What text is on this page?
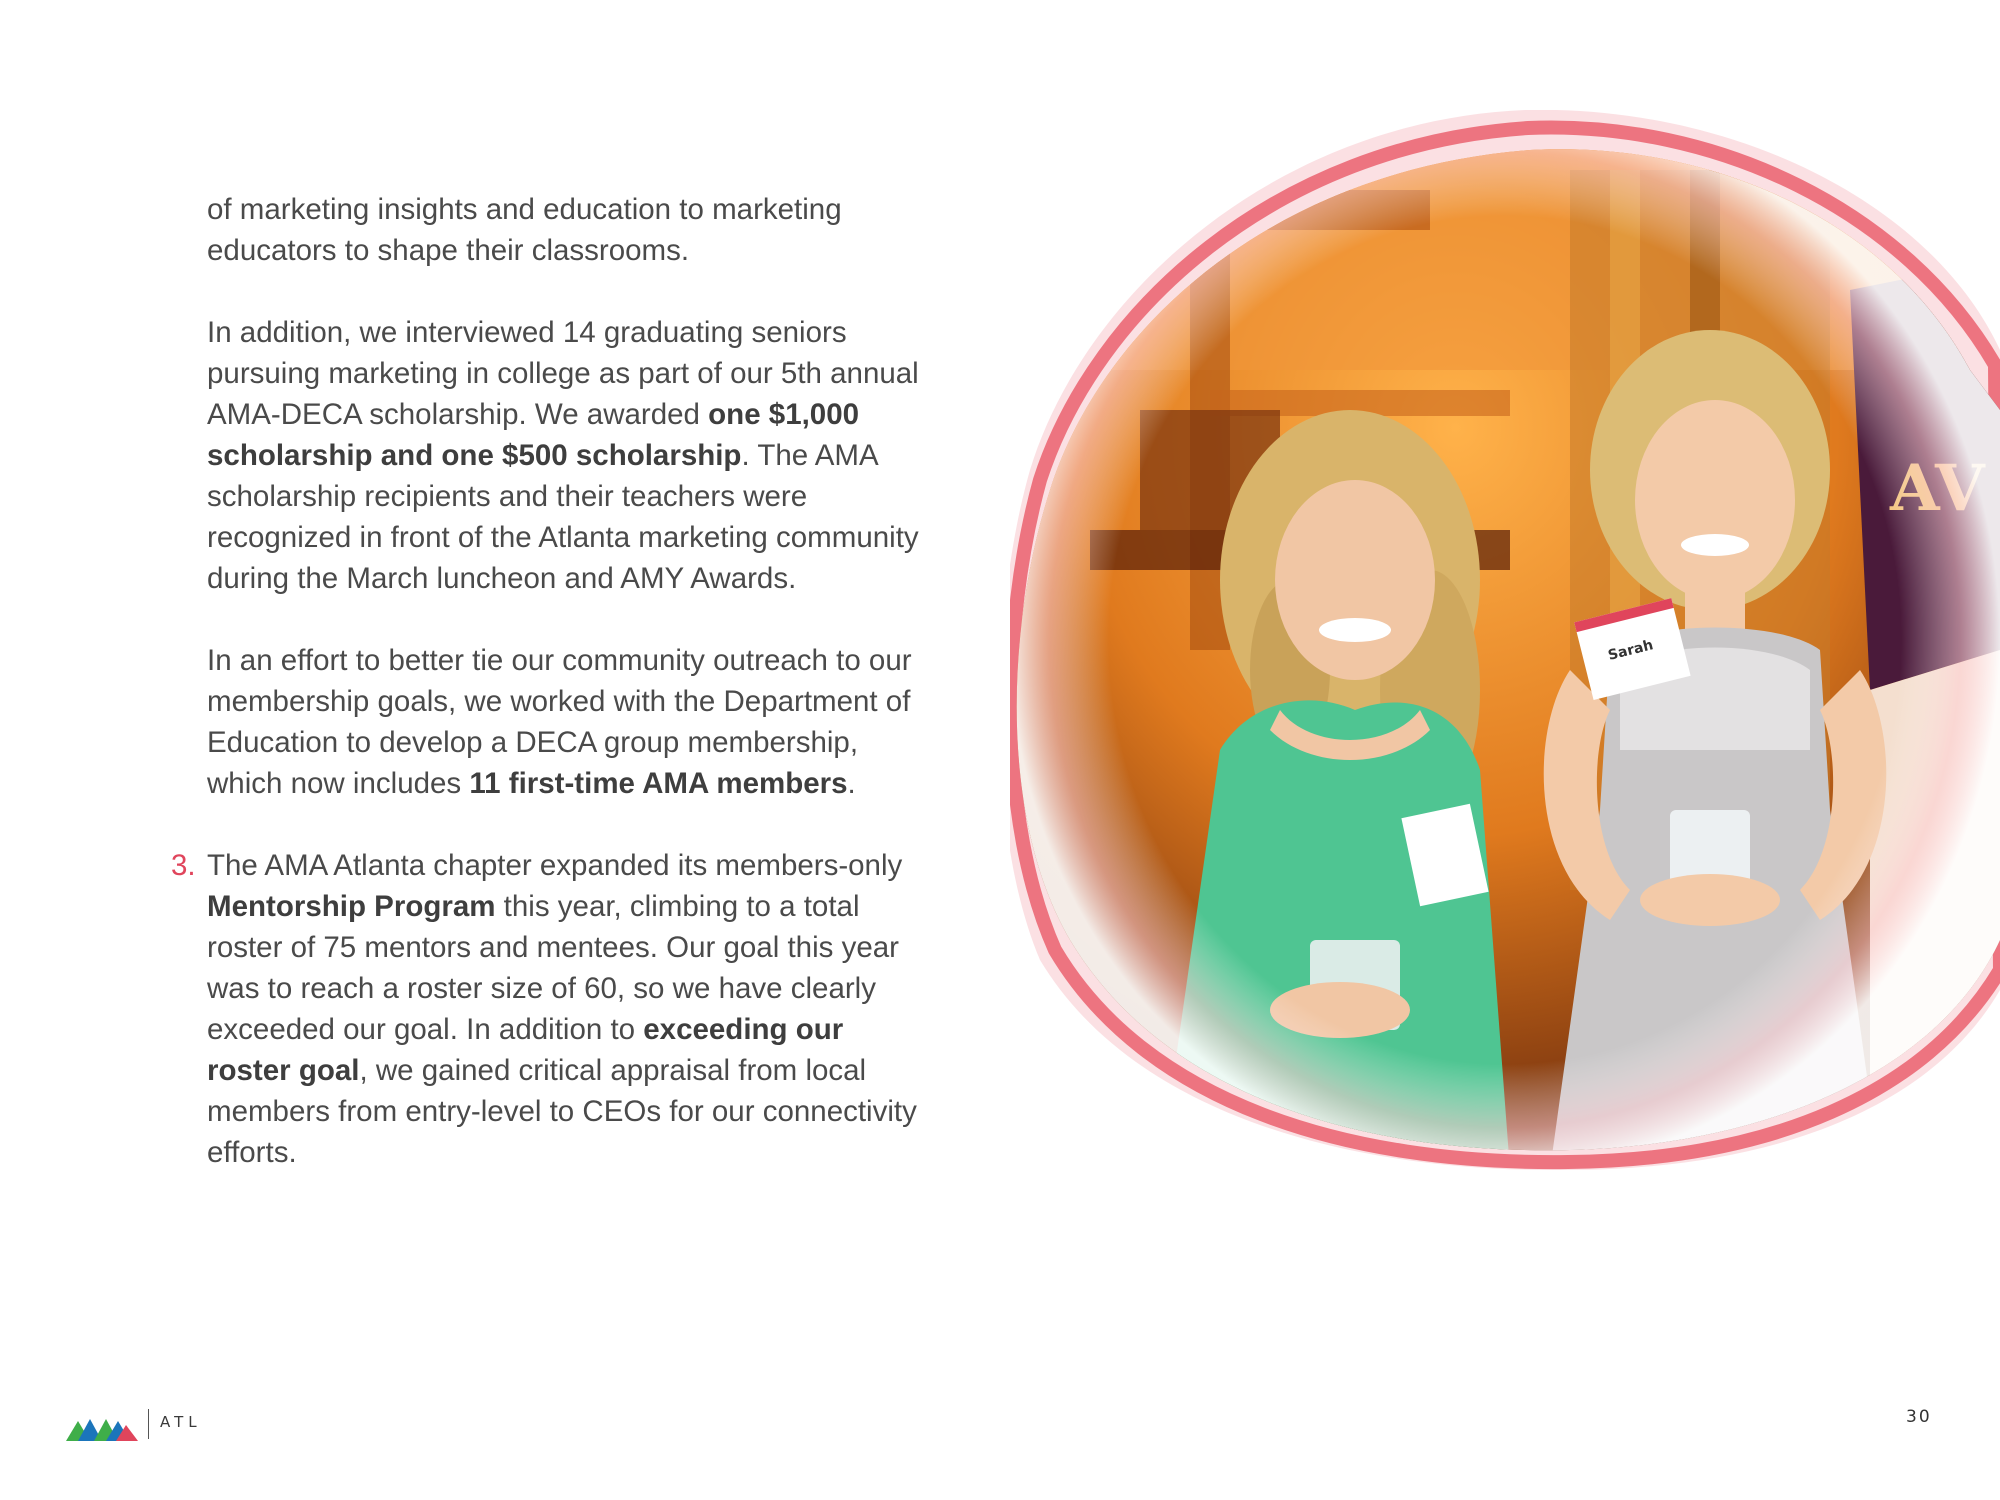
of marketing insights and education to marketing educators to shape their classrooms.

In addition, we interviewed 14 graduating seniors pursuing marketing in college as part of our 5th annual AMA-DECA scholarship. We awarded one $1,000 scholarship and one $500 scholarship. The AMA scholarship recipients and their teachers were recognized in front of the Atlanta marketing community during the March luncheon and AMY Awards.

In an effort to better tie our community outreach to our membership goals, we worked with the Department of Education to develop a DECA group membership, which now includes 11 first-time AMA members.

3. The AMA Atlanta chapter expanded its members-only Mentorship Program this year, climbing to a total roster of 75 mentors and mentees. Our goal this year was to reach a roster size of 60, so we have clearly exceeded our goal. In addition to exceeding our roster goal, we gained critical appraisal from local members from entry-level to CEOs for our connectivity efforts.

ATL	30
